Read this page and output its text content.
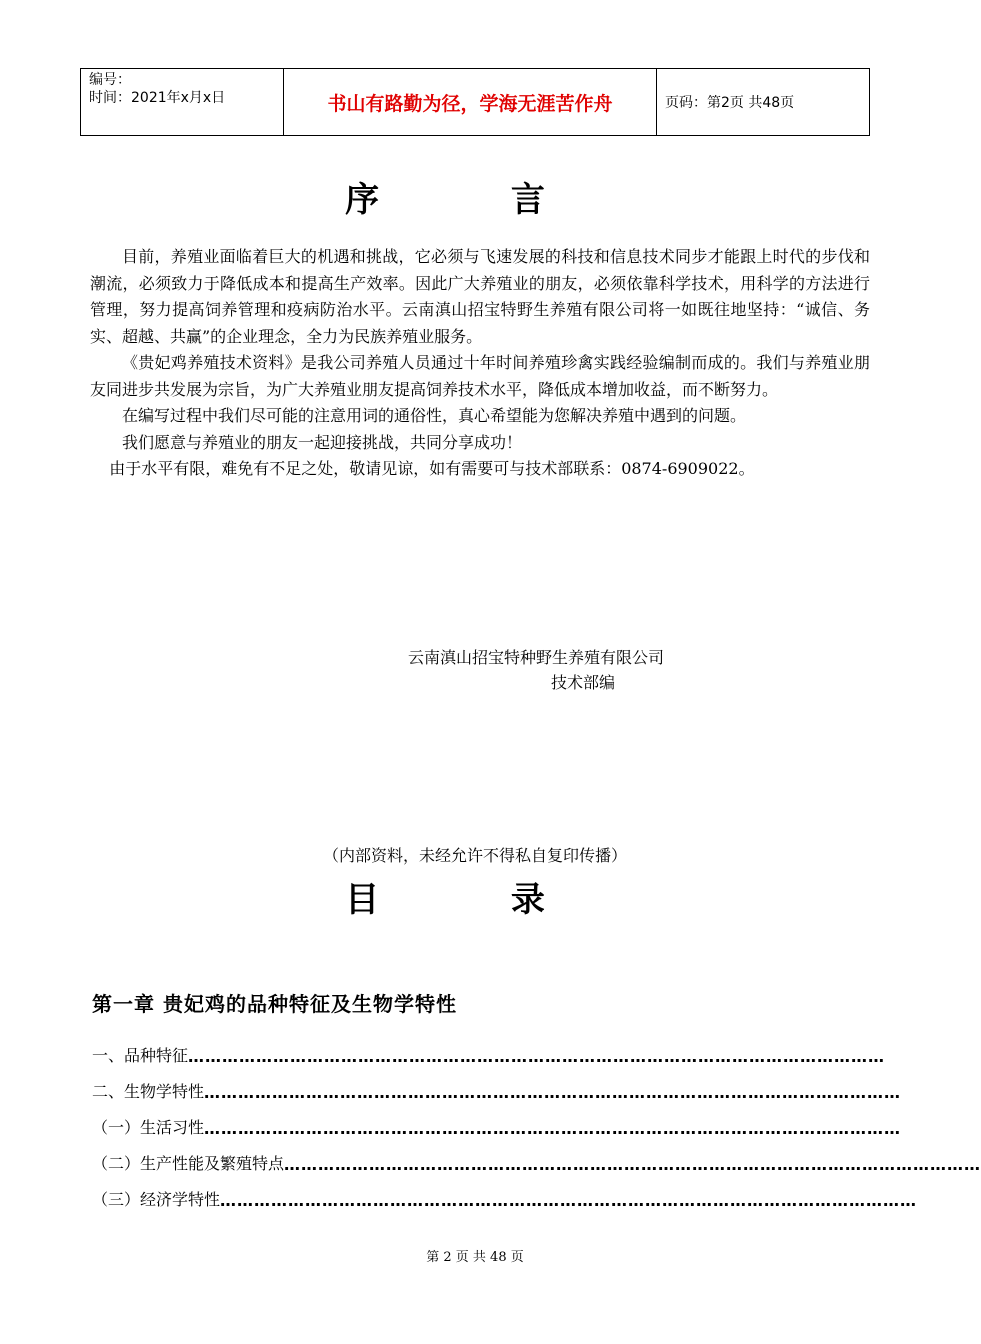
编号：
时间：2021年x月x日	书山有路勤为径，学海无涯苦作舟	页码：第2页 共48页
序 言

目前，养殖业面临着巨大的机遇和挑战，它必须与飞速发展的科技和信息技术同步才能跟上时代的步伐和潮流，必须致力于降低成本和提高生产效率。因此广大养殖业的朋友，必须依靠科学技术，用科学的方法进行管理，努力提高饲养管理和疫病防治水平。云南滇山招宝特野生养殖有限公司将一如既往地坚持：“诚信、务实、超越、共赢”的企业理念，全力为民族养殖业服务。

《贵妃鸡养殖技术资料》是我公司养殖人员通过十年时间养殖珍禽实践经验编制而成的。我们与养殖业朋友同进步共发展为宗旨，为广大养殖业朋友提高饲养技术水平，降低成本增加收益，而不断努力。

在编写过程中我们尽可能的注意用词的通俗性，真心希望能为您解决养殖中遇到的问题。

我们愿意与养殖业的朋友一起迎接挑战，共同分享成功！

由于水平有限，难免有不足之处，敬请见谅，如有需要可与技术部联系：0874-6909022。

云南滇山招宝特种野生养殖有限公司
技术部编
（内部资料，未经允许不得私自复印传播）
目 录
第一章 贵妃鸡的品种特征及生物学特性
一、品种特征 ……………………………………………………………………………………………………………
二、生物学特性 ……………………………………………………………………………………………………………
（一）生活习性 ……………………………………………………………………………………………………………
（二）生产性能及繁殖特点 ……………………………………………………………………………………………………………
（三）经济学特性 ……………………………………………………………………………………………………………
第 2 页 共 48 页
